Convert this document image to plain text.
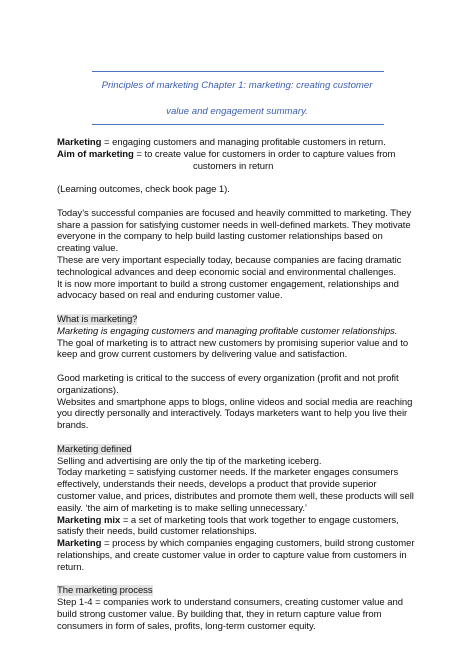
Principles of marketing Chapter 1: marketing: creating customer
value and engagement summary.

Marketing = engaging customers and managing profitable customers in return.

Aim of marketing = to create value for customers in order to capture values from

customers in return

(Learning outcomes, check book page 1).

Today’s successful companies are focused and heavily committed to marketing. They share a passion for satisfying customer needs in well-defined markets. They motivate everyone in the company to help build lasting customer relationships based on creating value.

These are very important especially today, because companies are facing dramatic technological advances and deep economic social and environmental challenges.

It is now more important to build a strong customer engagement, relationships and advocacy based on real and enduring customer value.

What is marketing?

Marketing is engaging customers and managing profitable customer relationships.

The goal of marketing is to attract new customers by promising superior value and to keep and grow current customers by delivering value and satisfaction.

Good marketing is critical to the success of every organization (profit and not profit organizations).

Websites and smartphone apps to blogs, online videos and social media are reaching you directly personally and interactively. Todays marketers want to help you live their brands.

Marketing defined

Selling and advertising are only the tip of the marketing iceberg.

Today marketing = satisfying customer needs. If the marketer engages consumers effectively, understands their needs, develops a product that provide superior customer value, and prices, distributes and promote them well, these products will sell easily. ‘the aim of marketing is to make selling unnecessary.’

Marketing mix = a set of marketing tools that work together to engage customers, satisfy their needs, build customer relationships.

Marketing = process by which companies engaging customers, build strong customer relationships, and create customer value in order to capture value from customers in return.

The marketing process

Step 1-4 = companies work to understand consumers, creating customer value and build strong customer value. By building that, they in return capture value from consumers in form of sales, profits, long-term customer equity.
